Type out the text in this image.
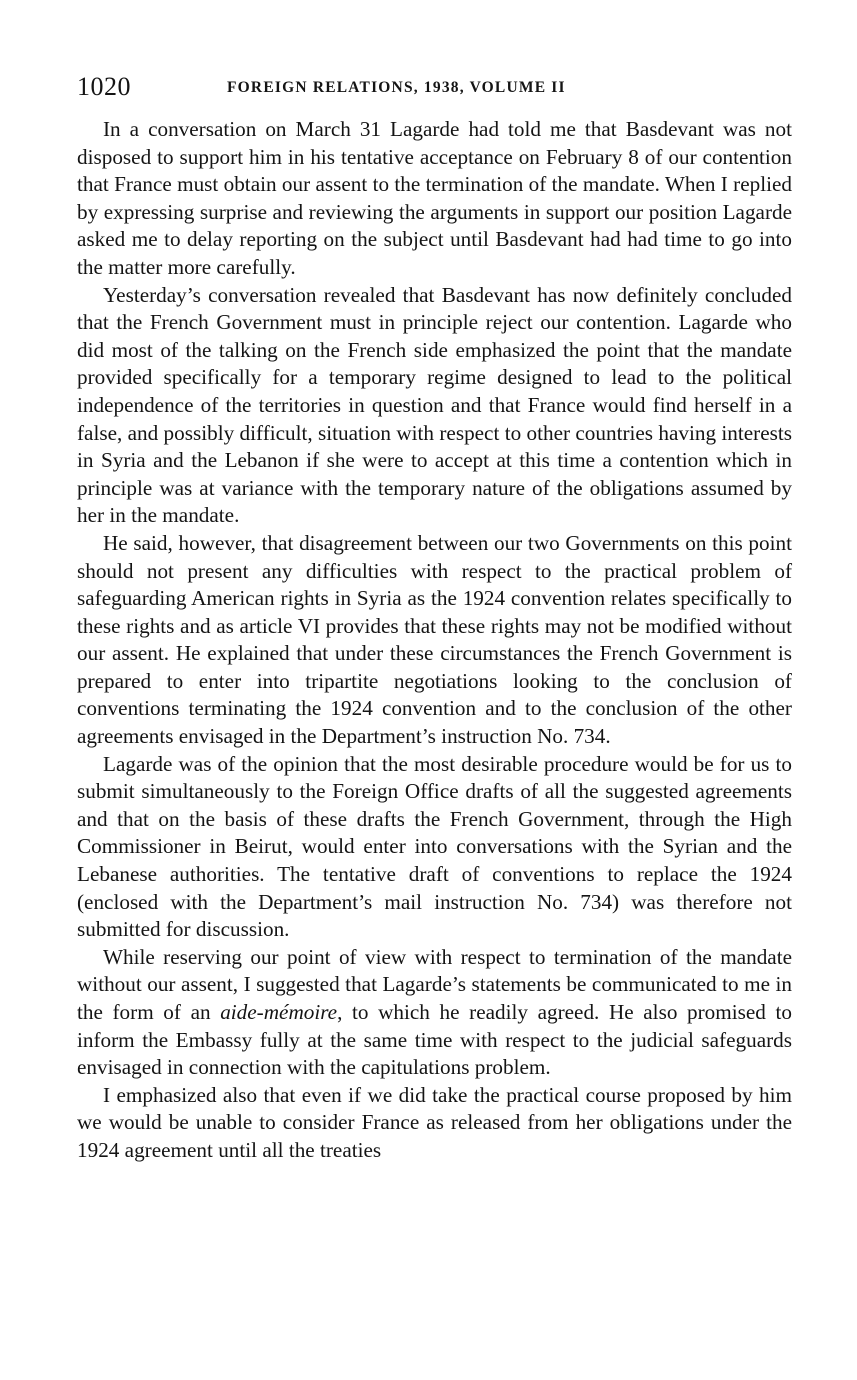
1020	FOREIGN RELATIONS, 1938, VOLUME II

In a conversation on March 31 Lagarde had told me that Basdevant was not disposed to support him in his tentative acceptance on February 8 of our contention that France must obtain our assent to the termination of the mandate. When I replied by expressing surprise and reviewing the arguments in support our position Lagarde asked me to delay reporting on the subject until Basdevant had had time to go into the matter more carefully.

Yesterday’s conversation revealed that Basdevant has now definitely concluded that the French Government must in principle reject our contention. Lagarde who did most of the talking on the French side emphasized the point that the mandate provided specifically for a temporary regime designed to lead to the political independence of the territories in question and that France would find herself in a false, and possibly difficult, situation with respect to other countries having interests in Syria and the Lebanon if she were to accept at this time a contention which in principle was at variance with the temporary nature of the obligations assumed by her in the mandate.

He said, however, that disagreement between our two Governments on this point should not present any difficulties with respect to the practical problem of safeguarding American rights in Syria as the 1924 convention relates specifically to these rights and as article VI provides that these rights may not be modified without our assent. He explained that under these circumstances the French Government is prepared to enter into tripartite negotiations looking to the conclusion of conventions terminating the 1924 convention and to the conclusion of the other agreements envisaged in the Department’s instruction No. 734.

Lagarde was of the opinion that the most desirable procedure would be for us to submit simultaneously to the Foreign Office drafts of all the suggested agreements and that on the basis of these drafts the French Government, through the High Commissioner in Beirut, would enter into conversations with the Syrian and the Lebanese authorities. The tentative draft of conventions to replace the 1924 (enclosed with the Department’s mail instruction No. 734) was therefore not submitted for discussion.

While reserving our point of view with respect to termination of the mandate without our assent, I suggested that Lagarde’s statements be communicated to me in the form of an aide-mémoire, to which he readily agreed. He also promised to inform the Embassy fully at the same time with respect to the judicial safeguards envisaged in connection with the capitulations problem.

I emphasized also that even if we did take the practical course proposed by him we would be unable to consider France as released from her obligations under the 1924 agreement until all the treaties
